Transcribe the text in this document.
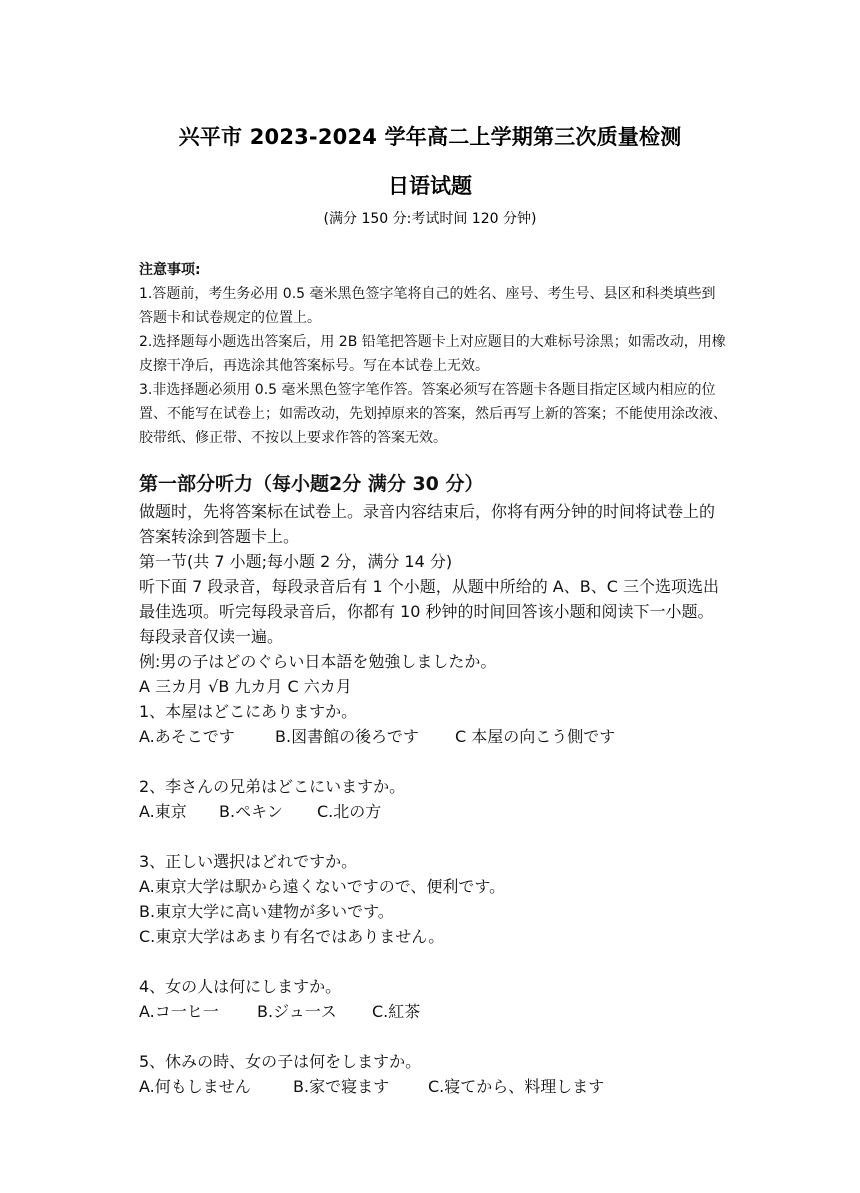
兴平市 2023-2024 学年高二上学期第三次质量检测
日语试题
(满分 150 分:考试时间 120 分钟)

注意事项:

1.答题前，考生务必用 0.5 毫米黑色签字笔将自己的姓名、座号、考生号、县区和科类填些到答题卡和试卷规定的位置上。

2.选择题每小题选出答案后，用 2B 铅笔把答题卡上对应题目的大难标号涂黑；如需改动，用橡皮擦干净后，再选涂其他答案标号。写在本试卷上无效。

3.非选择题必须用 0.5 毫米黑色签字笔作答。答案必须写在答题卡各题目指定区域内相应的位置、不能写在试卷上；如需改动，先划掉原来的答案，然后再写上新的答案；不能使用涂改液、胶带纸、修正带、不按以上要求作答的答案无效。

第一部分听力（每小题2分 满分 30 分）

做题时，先将答案标在试卷上。录音内容结束后，你将有两分钟的时间将试卷上的答案转涂到答题卡上。

第一节(共 7 小题;每小题 2 分，满分 14 分)

听下面 7 段录音，每段录音后有 1 个小题，从题中所给的 A、B、C 三个选项选出最佳选项。听完每段录音后，你都有 10 秒钟的时间回答该小题和阅读下一小题。每段录音仅读一遍。

例:男の子はどのぐらい日本語を勉強しましたか。

A 三カ月 √B 九カ月 C 六カ月

1、本屋はどこにありますか。

A.あそこです	B.図書館の後ろです C 本屋の向こう側です

2、李さんの兄弟はどこにいますか。

A.東京 B.ペキン C.北の方

3、正しい選択はどれですか。

A.東京大学は駅から遠くないですので、便利です。

B.東京大学に高い建物が多いです。

C.東京大学はあまり有名ではありません。

4、女の人は何にしますか。

A.コ一ヒ一 B.ジュ一ス C.紅茶

5、休みの時、女の子は何をしますか。

A.何もしません	B.家で寝ます C.寝てから、料理します
